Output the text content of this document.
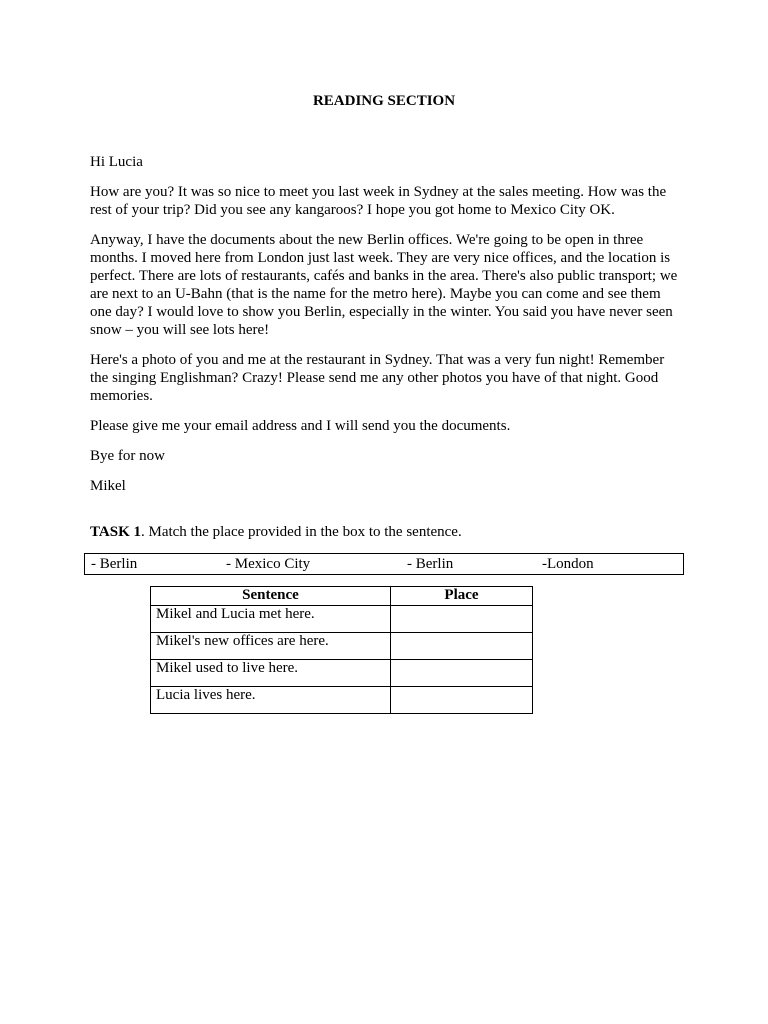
READING SECTION

Hi Lucia

How are you? It was so nice to meet you last week in Sydney at the sales meeting. How was the rest of your trip? Did you see any kangaroos? I hope you got home to Mexico City OK.

Anyway, I have the documents about the new Berlin offices. We're going to be open in three months. I moved here from London just last week. They are very nice offices, and the location is perfect. There are lots of restaurants, cafés and banks in the area. There's also public transport; we are next to an U-Bahn (that is the name for the metro here). Maybe you can come and see them one day? I would love to show you Berlin, especially in the winter. You said you have never seen snow – you will see lots here!

Here's a photo of you and me at the restaurant in Sydney. That was a very fun night! Remember the singing Englishman? Crazy! Please send me any other photos you have of that night. Good memories.

Please give me your email address and I will send you the documents.

Bye for now

Mikel

TASK 1. Match the place provided in the box to the sentence.

- Berlin	- Mexico City	- Berlin	-London
Sentence	Place
Mikel and Lucia met here.	
Mikel's new offices are here.	
Mikel used to live here.	
Lucia lives here.	
